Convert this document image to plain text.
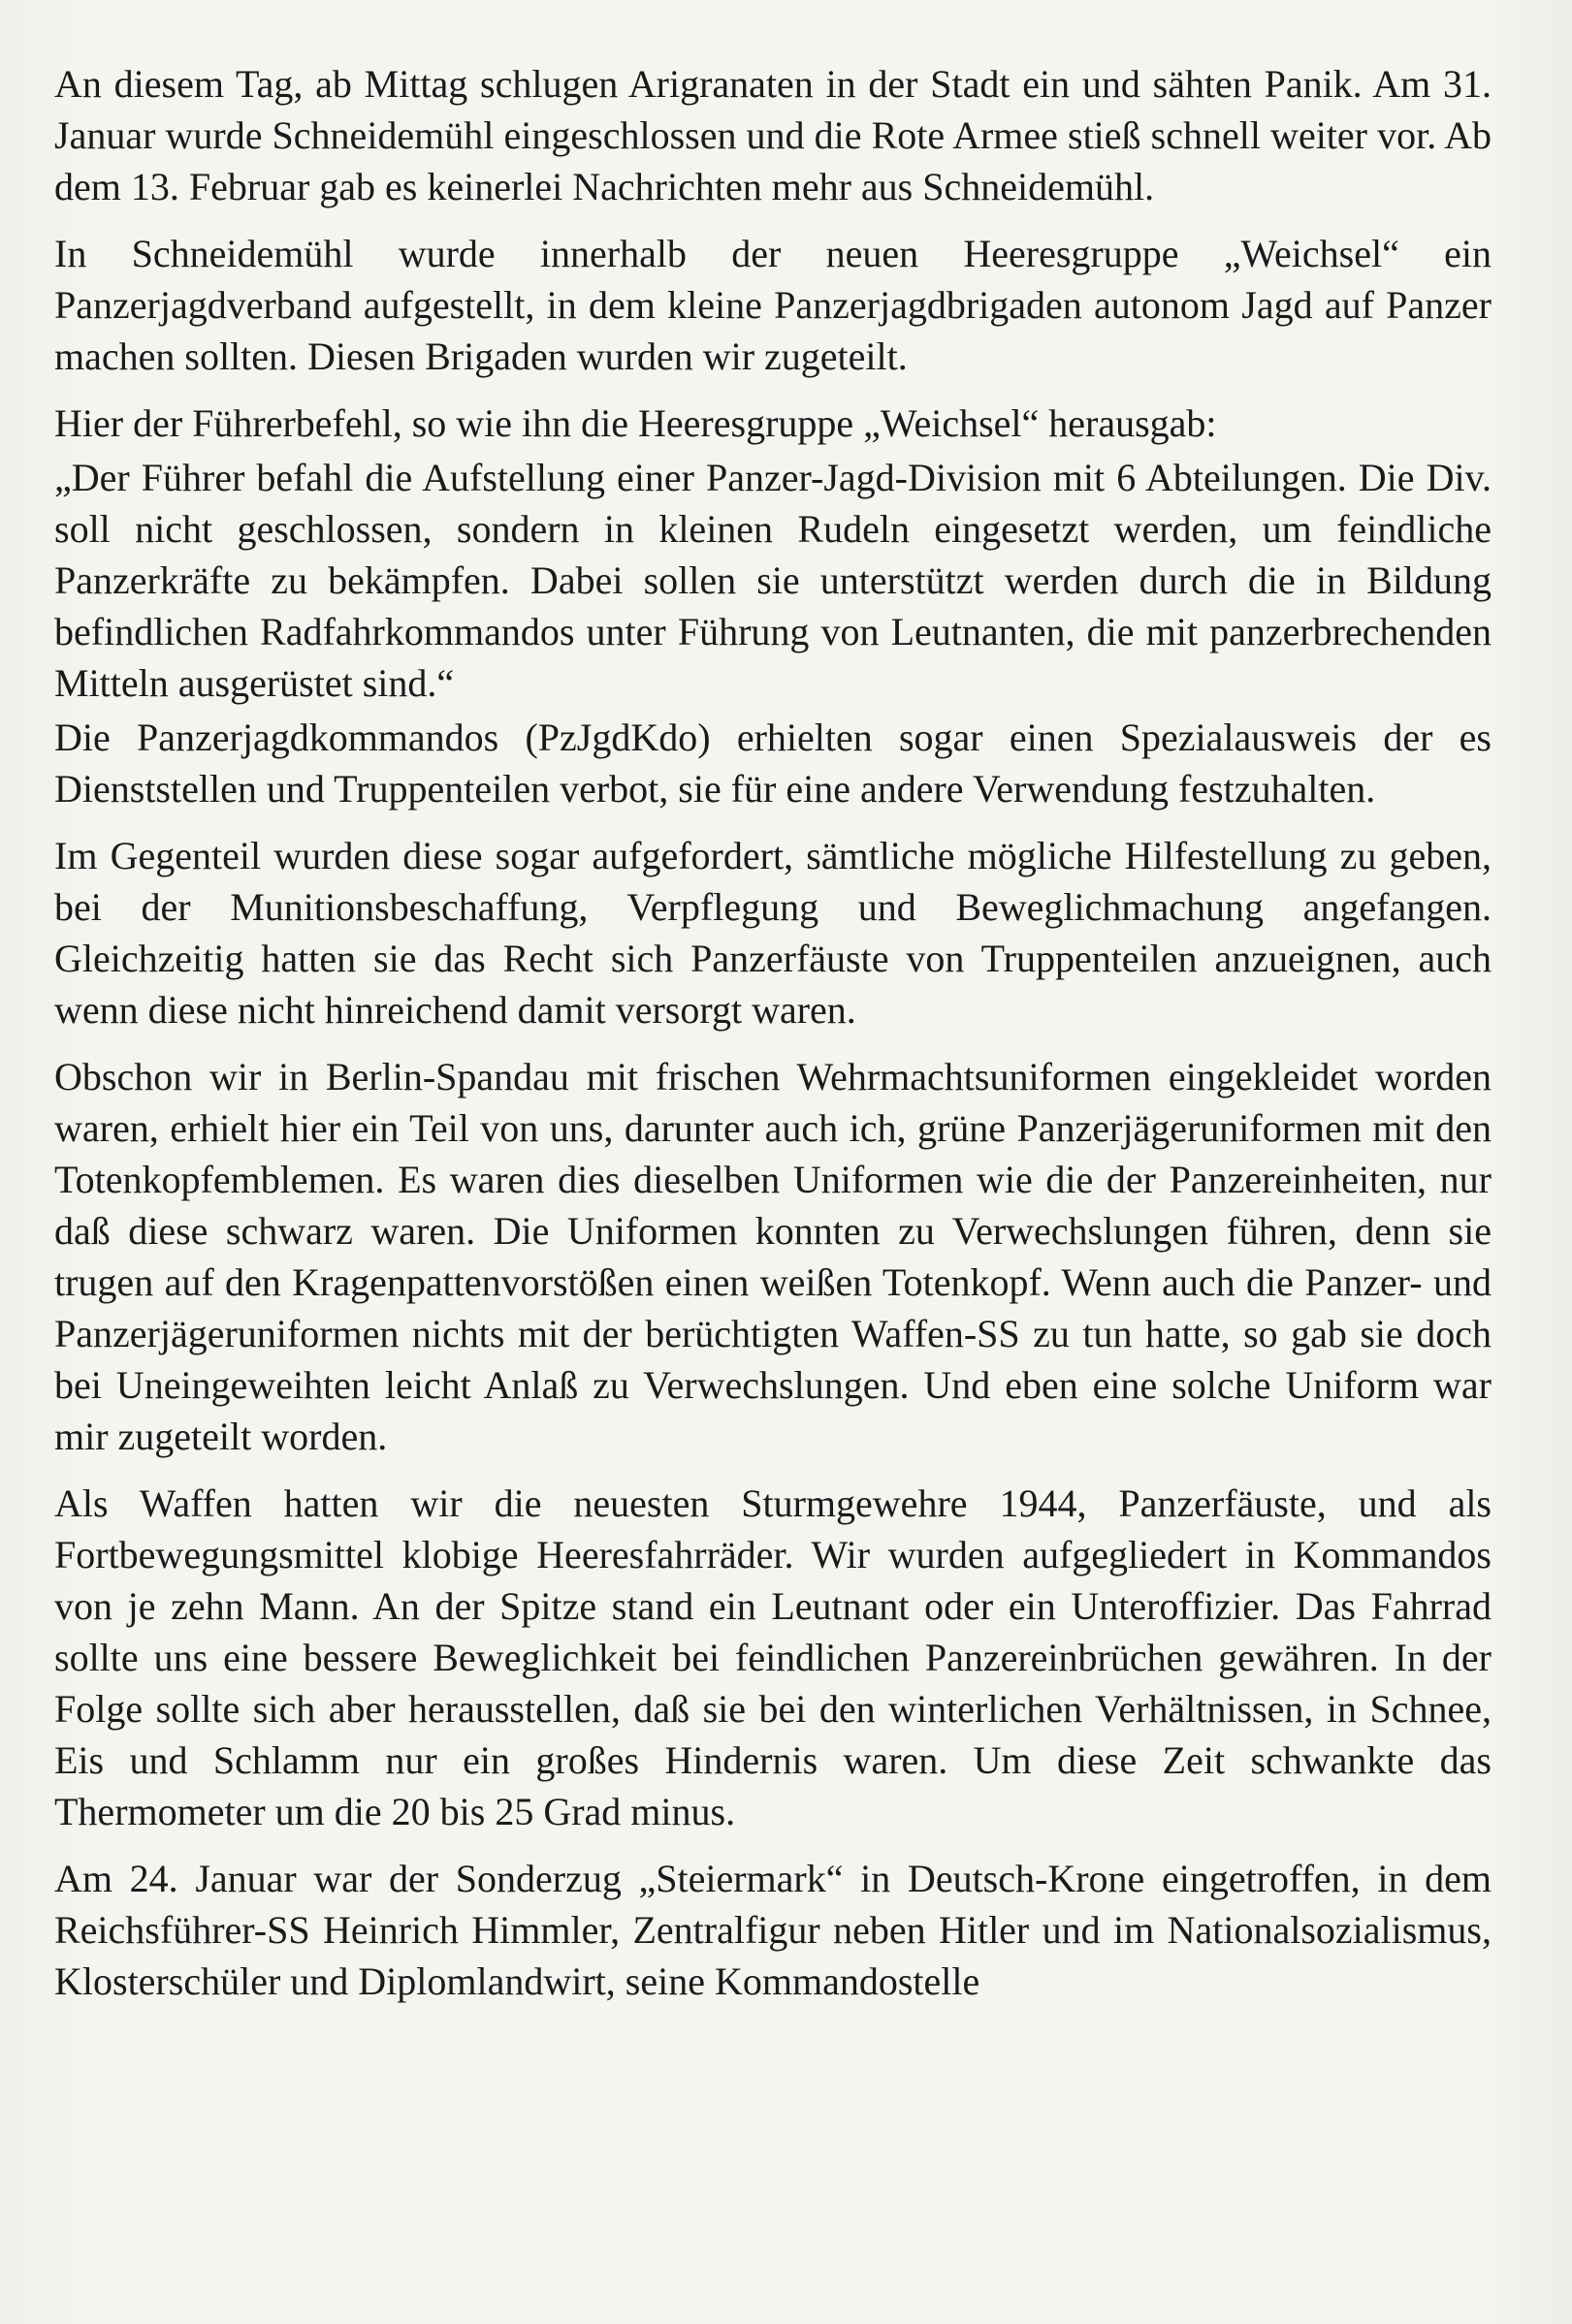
An diesem Tag, ab Mittag schlugen Arigranaten in der Stadt ein und sähten Panik. Am 31. Januar wurde Schneidemühl eingeschlossen und die Rote Armee stieß schnell weiter vor. Ab dem 13. Februar gab es keinerlei Nachrichten mehr aus Schneidemühl.

In Schneidemühl wurde innerhalb der neuen Heeresgruppe „Weichsel“ ein Panzerjagdverband aufgestellt, in dem kleine Panzerjagdbrigaden autonom Jagd auf Panzer machen sollten. Diesen Brigaden wurden wir zugeteilt.

Hier der Führerbefehl, so wie ihn die Heeresgruppe „Weichsel“ herausgab:

„Der Führer befahl die Aufstellung einer Panzer-Jagd-Division mit 6 Abteilungen. Die Div. soll nicht geschlossen, sondern in kleinen Rudeln eingesetzt werden, um feindliche Panzerkräfte zu bekämpfen. Dabei sollen sie unterstützt werden durch die in Bildung befindlichen Radfahrkommandos unter Führung von Leutnanten, die mit panzerbrechenden Mitteln ausgerüstet sind.“

Die Panzerjagdkommandos (PzJgdKdo) erhielten sogar einen Spezialausweis der es Dienststellen und Truppenteilen verbot, sie für eine andere Verwendung festzuhalten.

Im Gegenteil wurden diese sogar aufgefordert, sämtliche mögliche Hilfestellung zu geben, bei der Munitionsbeschaffung, Verpflegung und Beweglichmachung angefangen. Gleichzeitig hatten sie das Recht sich Panzerfäuste von Truppenteilen anzueignen, auch wenn diese nicht hinreichend damit versorgt waren.

Obschon wir in Berlin-Spandau mit frischen Wehrmachtsuniformen eingekleidet worden waren, erhielt hier ein Teil von uns, darunter auch ich, grüne Panzerjägeruniformen mit den Totenkopfemblemen. Es waren dies dieselben Uniformen wie die der Panzereinheiten, nur daß diese schwarz waren. Die Uniformen konnten zu Verwechslungen führen, denn sie trugen auf den Kragenpattenvorstößen einen weißen Totenkopf. Wenn auch die Panzer- und Panzerjägeruniformen nichts mit der berüchtigten Waffen-SS zu tun hatte, so gab sie doch bei Uneingeweihten leicht Anlaß zu Verwechslungen. Und eben eine solche Uniform war mir zugeteilt worden.

Als Waffen hatten wir die neuesten Sturmgewehre 1944, Panzerfäuste, und als Fortbewegungsmittel klobige Heeresfahrräder. Wir wurden aufgegliedert in Kommandos von je zehn Mann. An der Spitze stand ein Leutnant oder ein Unteroffizier. Das Fahrrad sollte uns eine bessere Beweglichkeit bei feindlichen Panzereinbrüchen gewähren. In der Folge sollte sich aber herausstellen, daß sie bei den winterlichen Verhältnissen, in Schnee, Eis und Schlamm nur ein großes Hindernis waren. Um diese Zeit schwankte das Thermometer um die 20 bis 25 Grad minus.

Am 24. Januar war der Sonderzug „Steiermark“ in Deutsch-Krone eingetroffen, in dem Reichsführer-SS Heinrich Himmler, Zentralfigur neben Hitler und im Nationalsozialismus, Klosterschüler und Diplomlandwirt, seine Kommandostelle
